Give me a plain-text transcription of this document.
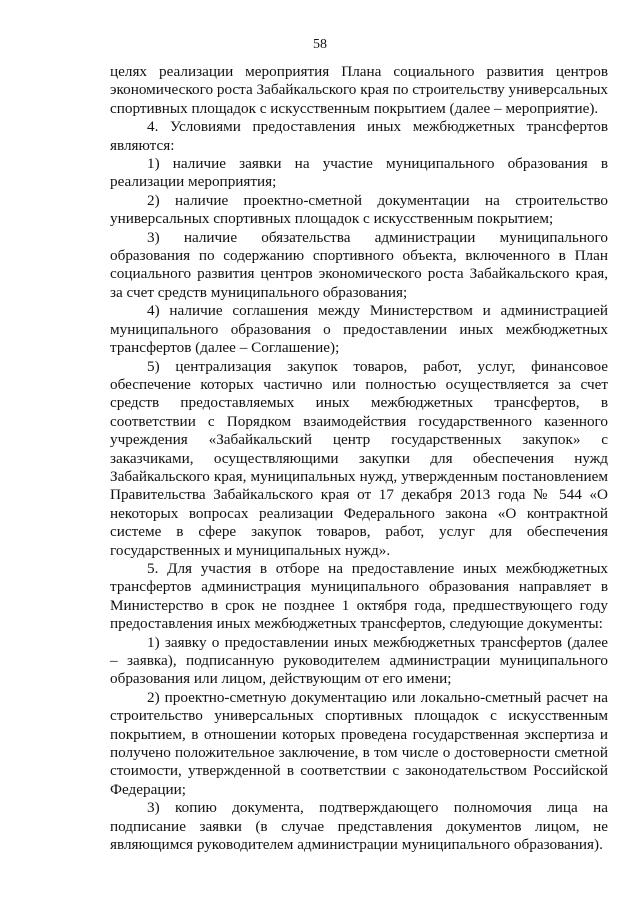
58

целях реализации мероприятия Плана социального развития центров экономического роста Забайкальского края по строительству универсальных спортивных площадок с искусственным покрытием (далее – мероприятие).

4. Условиями предоставления иных межбюджетных трансфертов являются:

1) наличие заявки на участие муниципального образования в реализации мероприятия;

2) наличие проектно-сметной документации на строительство универсальных спортивных площадок с искусственным покрытием;

3) наличие обязательства администрации муниципального образования по содержанию спортивного объекта, включенного в План социального развития центров экономического роста Забайкальского края, за счет средств муниципального образования;

4) наличие соглашения между Министерством и администрацией муниципального образования о предоставлении иных межбюджетных трансфертов (далее – Соглашение);

5) централизация закупок товаров, работ, услуг, финансовое обеспечение которых частично или полностью осуществляется за счет средств предоставляемых иных межбюджетных трансфертов, в соответствии с Порядком взаимодействия государственного казенного учреждения «Забайкальский центр государственных закупок» с заказчиками, осуществляющими закупки для обеспечения нужд Забайкальского края, муниципальных нужд, утвержденным постановлением Правительства Забайкальского края от 17 декабря 2013 года № 544 «О некоторых вопросах реализации Федерального закона «О контрактной системе в сфере закупок товаров, работ, услуг для обеспечения государственных и муниципальных нужд».

5. Для участия в отборе на предоставление иных межбюджетных трансфертов администрация муниципального образования направляет в Министерство в срок не позднее 1 октября года, предшествующего году предоставления иных межбюджетных трансфертов, следующие документы:

1) заявку о предоставлении иных межбюджетных трансфертов (далее – заявка), подписанную руководителем администрации муниципального образования или лицом, действующим от его имени;

2) проектно-сметную документацию или локально-сметный расчет на строительство универсальных спортивных площадок с искусственным покрытием, в отношении которых проведена государственная экспертиза и получено положительное заключение, в том числе о достоверности сметной стоимости, утвержденной в соответствии с законодательством Российской Федерации;

3) копию документа, подтверждающего полномочия лица на подписание заявки (в случае представления документов лицом, не являющимся руководителем администрации муниципального образования).
